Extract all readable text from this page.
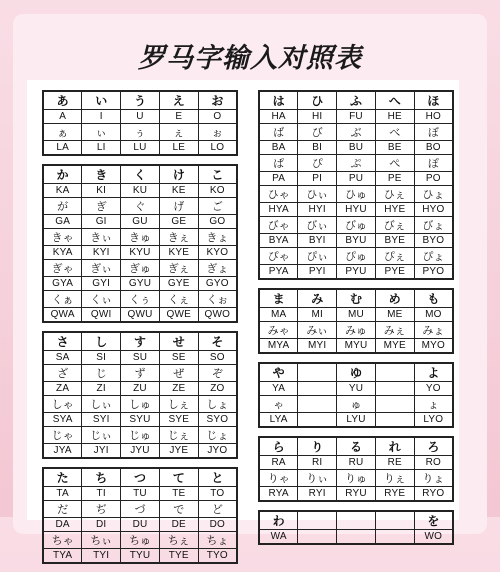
罗马字输入对照表
あ	い	う	え	お
A	I	U	E	O
ぁ	ぃ	ぅ	ぇ	ぉ
LA	LI	LU	LE	LO
か	き	く	け	こ
KA	KI	KU	KE	KO
が	ぎ	ぐ	げ	ご
GA	GI	GU	GE	GO
きゃ	きぃ	きゅ	きぇ	きょ
KYA	KYI	KYU	KYE	KYO
ぎゃ	ぎぃ	ぎゅ	ぎぇ	ぎょ
GYA	GYI	GYU	GYE	GYO
くぁ	くぃ	くぅ	くぇ	くぉ
QWA	QWI	QWU	QWE	QWO
さ	し	す	せ	そ
SA	SI	SU	SE	SO
ざ	じ	ず	ぜ	ぞ
ZA	ZI	ZU	ZE	ZO
しゃ	しぃ	しゅ	しぇ	しょ
SYA	SYI	SYU	SYE	SYO
じゃ	じぃ	じゅ	じぇ	じょ
JYA	JYI	JYU	JYE	JYO
た	ち	つ	て	と
TA	TI	TU	TE	TO
だ	ぢ	づ	で	ど
DA	DI	DU	DE	DO
ちゃ	ちぃ	ちゅ	ちぇ	ちょ
TYA	TYI	TYU	TYE	TYO
は	ひ	ふ	へ	ほ
HA	HI	FU	HE	HO
ば	び	ぶ	べ	ぼ
BA	BI	BU	BE	BO
ぱ	ぴ	ぷ	ぺ	ぽ
PA	PI	PU	PE	PO
ひゃ	ひぃ	ひゅ	ひぇ	ひょ
HYA	HYI	HYU	HYE	HYO
びゃ	びぃ	びゅ	びぇ	びょ
BYA	BYI	BYU	BYE	BYO
ぴゃ	ぴぃ	ぴゅ	ぴぇ	ぴょ
PYA	PYI	PYU	PYE	PYO
ま	み	む	め	も
MA	MI	MU	ME	MO
みゃ	みぃ	みゅ	みぇ	みょ
MYA	MYI	MYU	MYE	MYO
や		ゆ		よ
YA		YU		YO
ゃ		ゅ		ょ
LYA		LYU		LYO
ら	り	る	れ	ろ
RA	RI	RU	RE	RO
りゃ	りぃ	りゅ	りぇ	りょ
RYA	RYI	RYU	RYE	RYO
わ				を
WA				WO
